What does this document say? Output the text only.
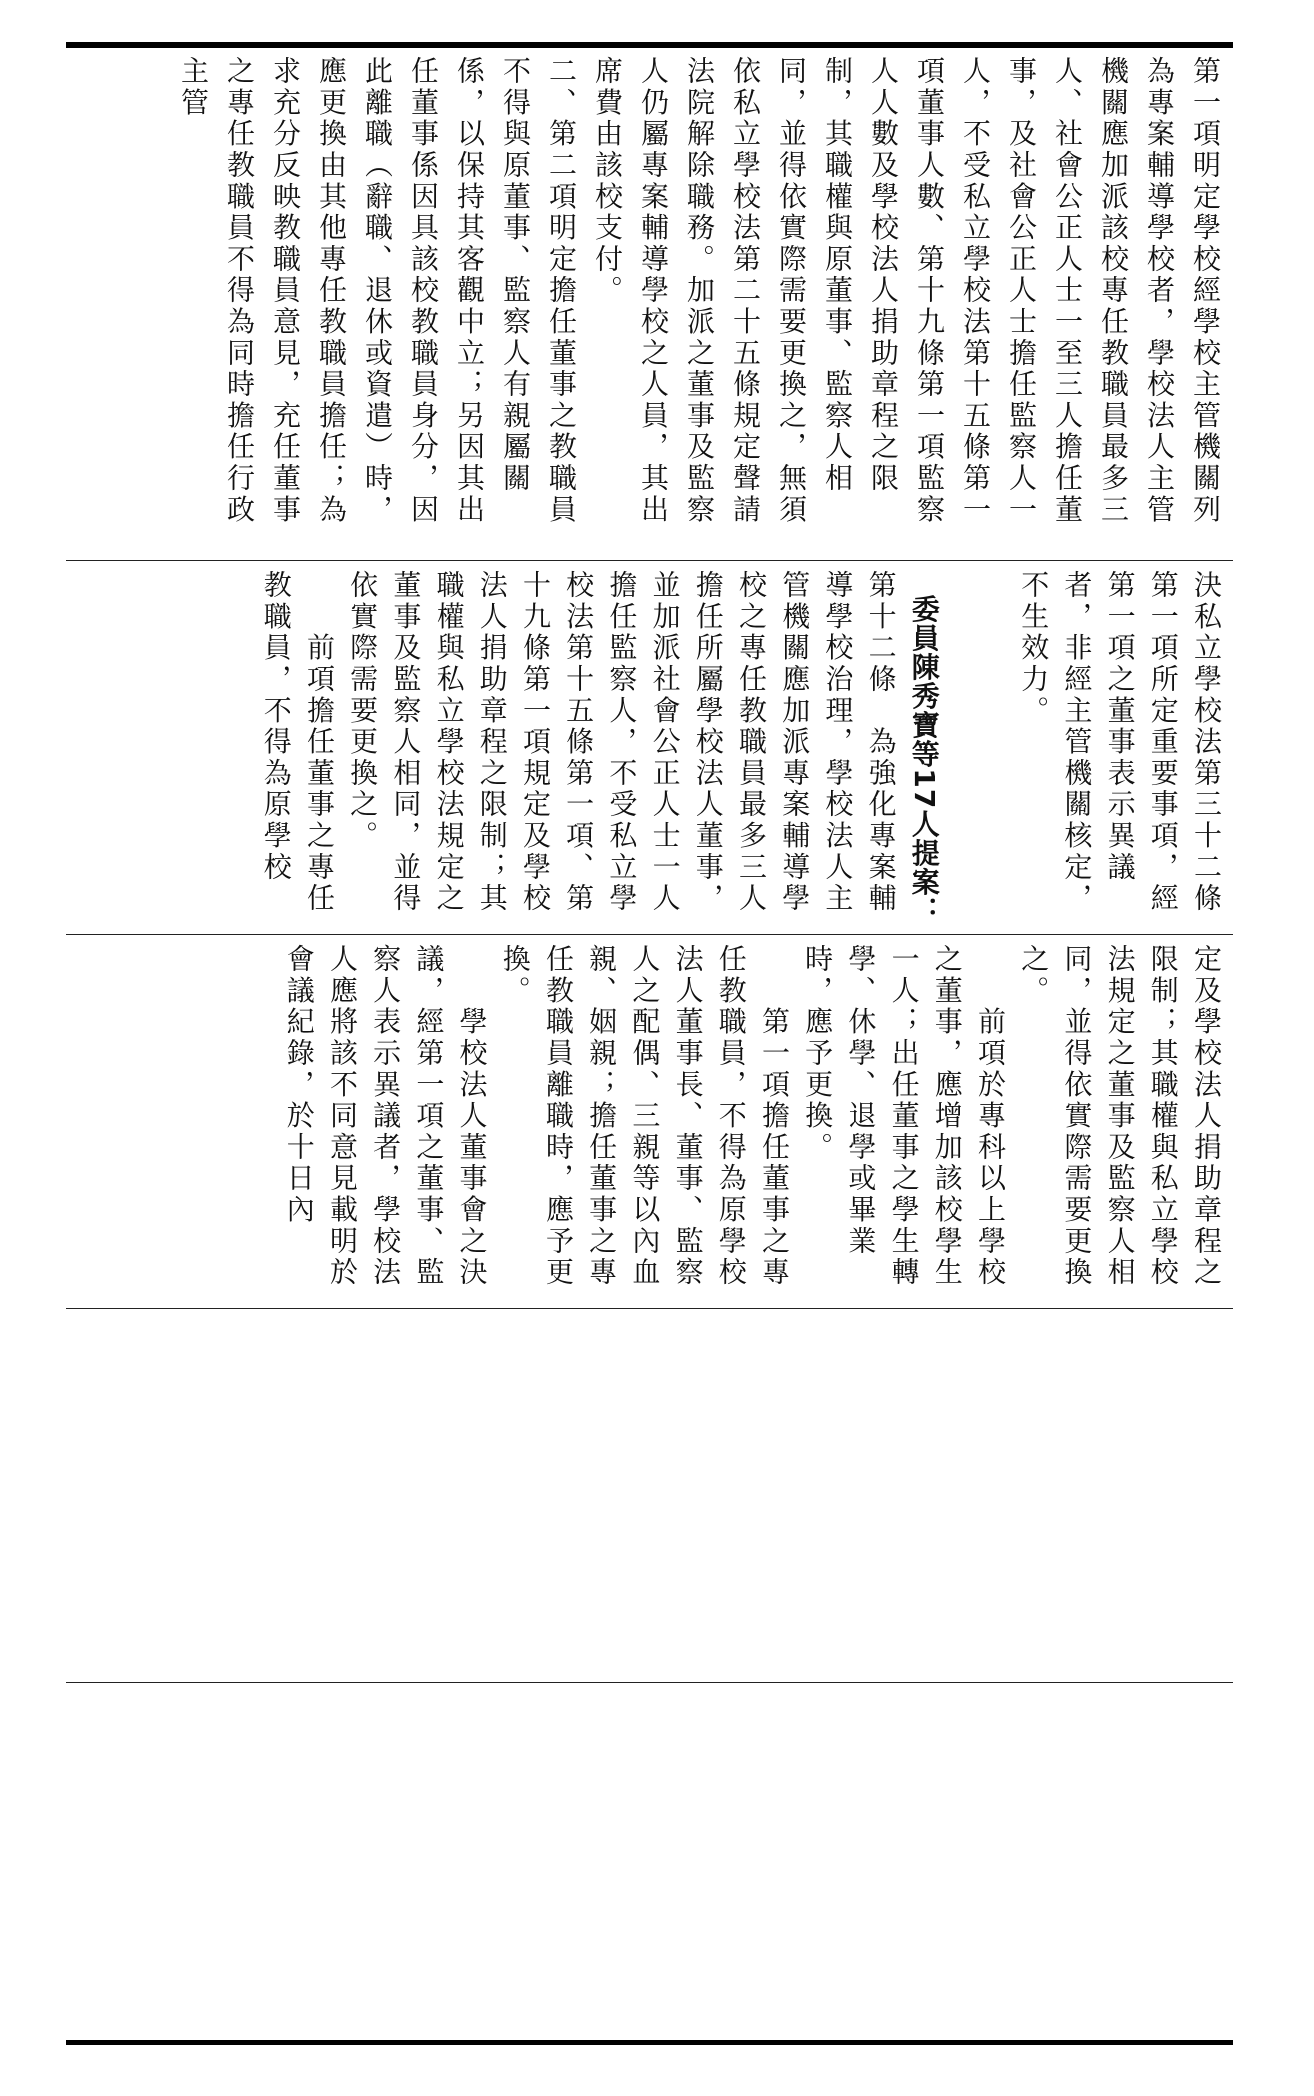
第一項明定學校經學校主管機關列為專案輔導學校者，學校法人主管機關應加派該校專任教職員最多三人、社會公正人士一至三人擔任董事，及社會公正人士擔任監察人一人，不受私立學校法第十五條第一項董事人數、第十九條第一項監察人人數及學校法人捐助章程之限制，其職權與原董事、監察人相同，並得依實際需要更換之，無須依私立學校法第二十五條規定聲請法院解除職務。加派之董事及監察人仍屬專案輔導學校之人員，其出席費由該校支付。
二、第二項明定擔任董事之教職員不得與原董事、監察人有親屬關係，以保持其客觀中立；另因其出任董事係因具該校教職員身分，因此離職（辭職、退休或資遣）時，應更換由其他專任教職員擔任；為求充分反映教職員意見，充任董事之專任教職員不得為同時擔任行政主管
決私立學校法第三十二條第一項所定重要事項，經第一項之董事表示異議者，非經主管機關核定，不生效力。

委員陳秀寶等17人提案：第十二條　為強化專案輔導學校治理，學校法人主管機關應加派專案輔導學校之專任教職員最多三人擔任所屬學校法人董事，並加派社會公正人士一人擔任監察人，不受私立學校法第十五條第一項、第十九條第一項規定及學校法人捐助章程之限制；其職權與私立學校法規定之董事及監察人相同，並得依實際需要更換之。
　　前項擔任董事之專任教職員，不得為原學校

定及學校法人捐助章程之限制；其職權與私立學校法規定之董事及監察人相同，並得依實際需要更換之。
　　前項於專科以上學校之董事，應增加該校學生一人；出任董事之學生轉學、休學、退學或畢業時，應予更換。
　　第一項擔任董事之專任教職員，不得為原學校法人董事長、董事、監察人之配偶、三親等以內血親、姻親；擔任董事之專任教職員離職時，應予更換。
　　學校法人董事會之決議，經第一項之董事、監察人表示異議者，學校法人應將該不同意見載明於會議紀錄，於十日內
